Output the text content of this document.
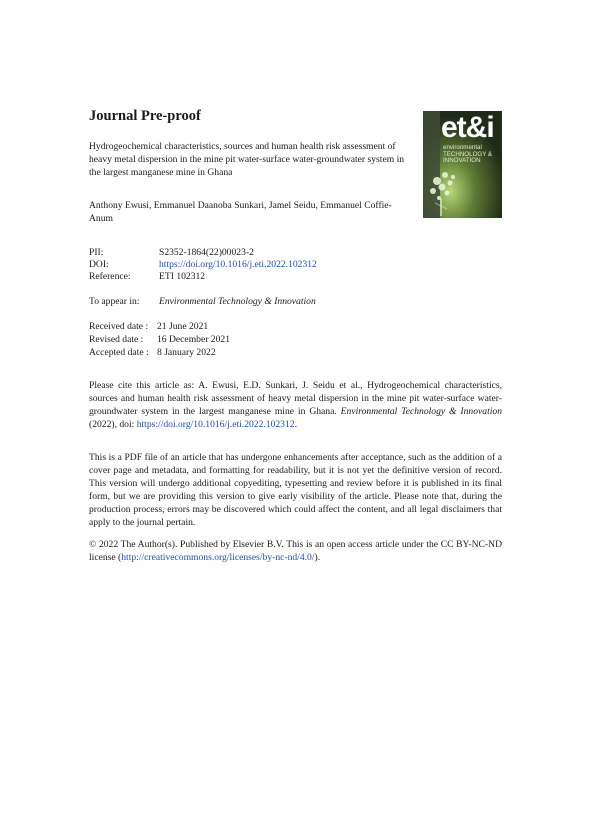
Journal Pre-proof
Hydrogeochemical characteristics, sources and human health risk assessment of heavy metal dispersion in the mine pit water-surface water-groundwater system in the largest manganese mine in Ghana
Anthony Ewusi, Emmanuel Daanoba Sunkari, Jamel Seidu, Emmanuel Coffie-Anum
et&i
environmental TECHNOLOGY & INNOVATION
PII:	S2352-1864(22)00023-2
DOI:	https://doi.org/10.1016/j.eti.2022.102312
Reference:	ETI 102312
To appear in: Environmental Technology & Innovation
Received date : 21 June 2021
Revised date : 16 December 2021
Accepted date : 8 January 2022
Please cite this article as: A. Ewusi, E.D. Sunkari, J. Seidu et al., Hydrogeochemical characteristics, sources and human health risk assessment of heavy metal dispersion in the mine pit water-surface water-groundwater system in the largest manganese mine in Ghana. Environmental Technology & Innovation (2022), doi: https://doi.org/10.1016/j.eti.2022.102312.
This is a PDF file of an article that has undergone enhancements after acceptance, such as the addition of a cover page and metadata, and formatting for readability, but it is not yet the definitive version of record. This version will undergo additional copyediting, typesetting and review before it is published in its final form, but we are providing this version to give early visibility of the article. Please note that, during the production process, errors may be discovered which could affect the content, and all legal disclaimers that apply to the journal pertain.
© 2022 The Author(s). Published by Elsevier B.V. This is an open access article under the CC BY-NC-ND license (http://creativecommons.org/licenses/by-nc-nd/4.0/).
